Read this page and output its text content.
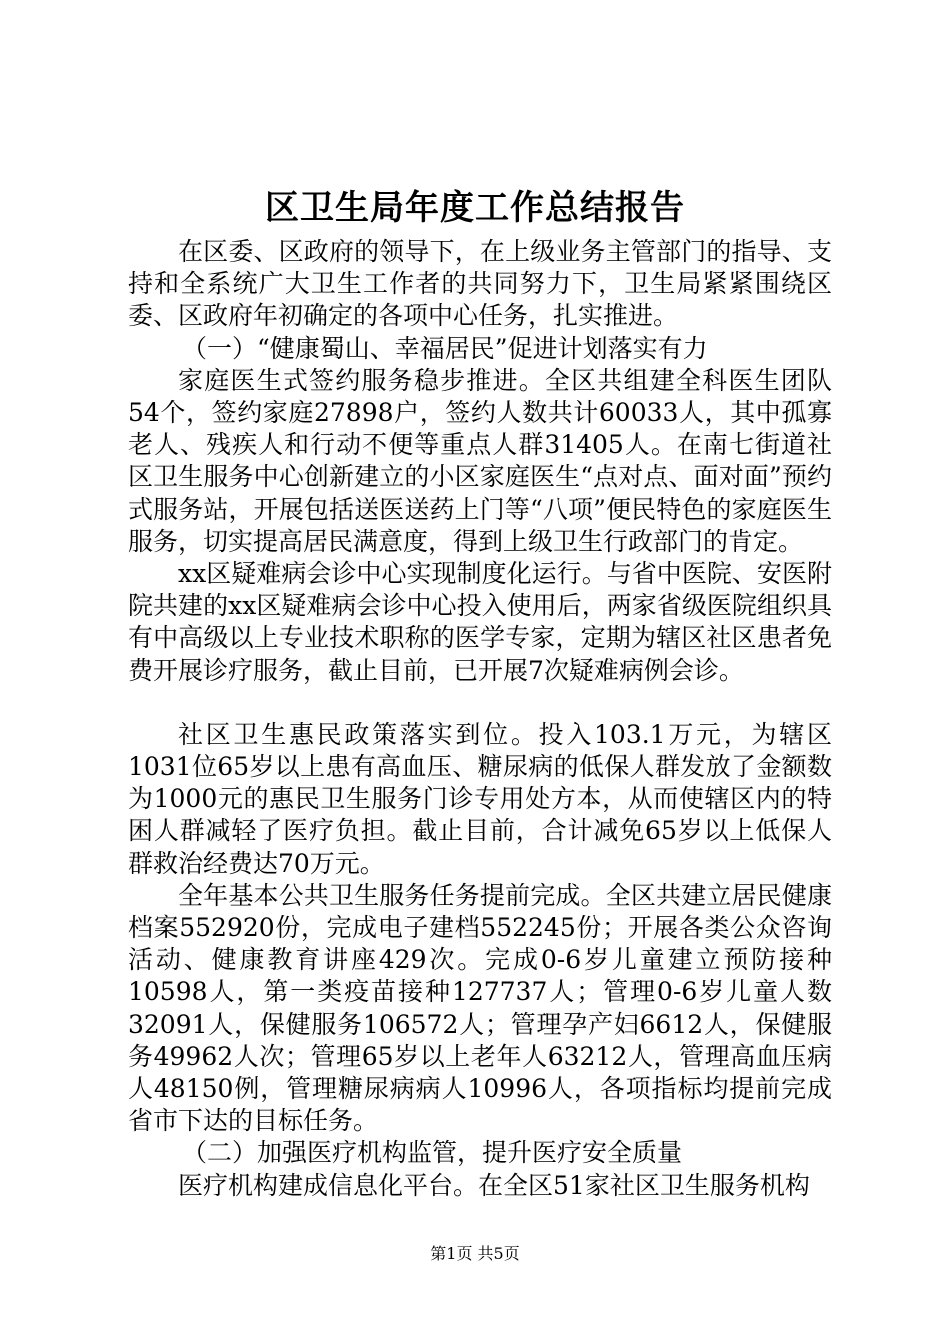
区卫生局年度工作总结报告

在区委、区政府的领导下，在上级业务主管部门的指导、支持和全系统广大卫生工作者的共同努力下，卫生局紧紧围绕区委、区政府年初确定的各项中心任务，扎实推进。

（一）“健康蜀山、幸福居民”促进计划落实有力

家庭医生式签约服务稳步推进。全区共组建全科医生团队54个，签约家庭27898户，签约人数共计60033人，其中孤寡老人、残疾人和行动不便等重点人群31405人。在南七街道社区卫生服务中心创新建立的小区家庭医生“点对点、面对面”预约式服务站，开展包括送医送药上门等“八项”便民特色的家庭医生服务，切实提高居民满意度，得到上级卫生行政部门的肯定。

xx区疑难病会诊中心实现制度化运行。与省中医院、安医附院共建的xx区疑难病会诊中心投入使用后，两家省级医院组织具有中高级以上专业技术职称的医学专家，定期为辖区社区患者免费开展诊疗服务，截止目前，已开展7次疑难病例会诊。

社区卫生惠民政策落实到位。投入103.1万元，为辖区1031位65岁以上患有高血压、糖尿病的低保人群发放了金额数为1000元的惠民卫生服务门诊专用处方本，从而使辖区内的特困人群减轻了医疗负担。截止目前，合计减免65岁以上低保人群救治经费达70万元。

全年基本公共卫生服务任务提前完成。全区共建立居民健康档案552920份，完成电子建档552245份；开展各类公众咨询活动、健康教育讲座429次。完成0-6岁儿童建立预防接种10598人，第一类疫苗接种127737人；管理0-6岁儿童人数32091人，保健服务106572人；管理孕产妇6612人，保健服务49962人次；管理65岁以上老年人63212人，管理高血压病人48150例，管理糖尿病病人10996人，各项指标均提前完成省市下达的目标任务。

（二）加强医疗机构监管，提升医疗安全质量

医疗机构建成信息化平台。在全区51家社区卫生服务机构

第1页 共5页
